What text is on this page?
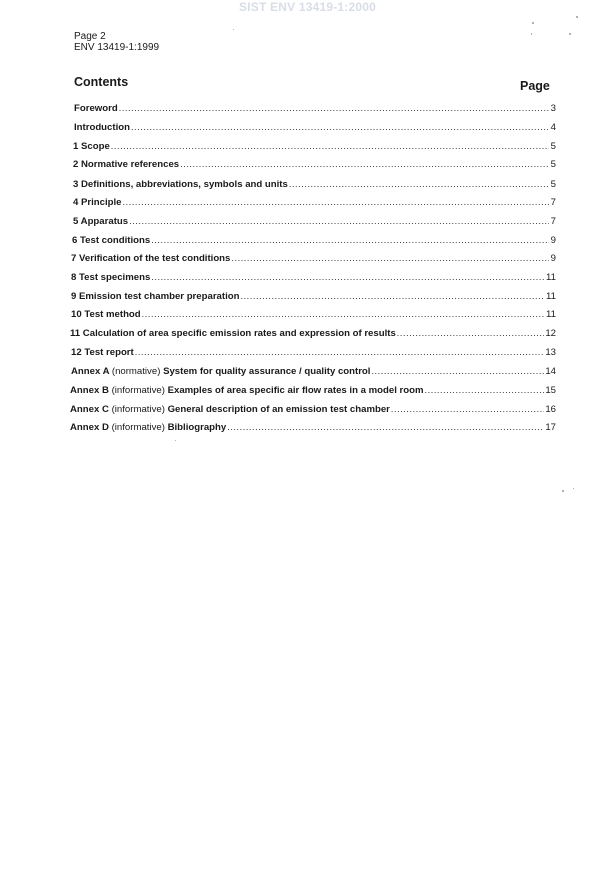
SIST ENV 13419-1:2000
Page 2
ENV 13419-1:1999
Contents	Page
Foreword .....	3
Introduction .....	4
1 Scope .....	5
2 Normative references .....	5
3 Definitions, abbreviations, symbols and units .....	5
4 Principle .....	7
5 Apparatus .....	7
6 Test conditions .....	9
7 Verification of the test conditions .....	9
8 Test specimens .....	11
9 Emission test chamber preparation .....	11
10 Test method .....	11
11 Calculation of area specific emission rates and expression of results .....	12
12 Test report .....	13
Annex A (normative) System for quality assurance / quality control .....	14
Annex B (informative) Examples of area specific air flow rates in a model room .....	15
Annex C (informative) General description of an emission test chamber .....	16
Annex D (informative) Bibliography .....	17
